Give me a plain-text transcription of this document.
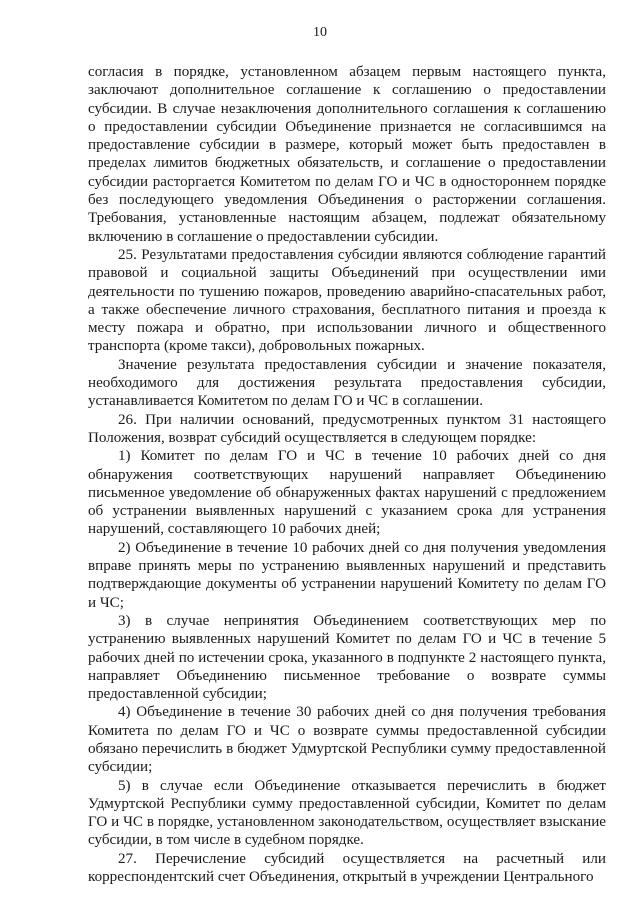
10

согласия в порядке, установленном абзацем первым настоящего пункта, заключают дополнительное соглашение к соглашению о предоставлении субсидии. В случае незаключения дополнительного соглашения к соглашению о предоставлении субсидии Объединение признается не согласившимся на предоставление субсидии в размере, который может быть предоставлен в пределах лимитов бюджетных обязательств, и соглашение о предоставлении субсидии расторгается Комитетом по делам ГО и ЧС в одностороннем порядке без последующего уведомления Объединения о расторжении соглашения. Требования, установленные настоящим абзацем, подлежат обязательному включению в соглашение о предоставлении субсидии.

25. Результатами предоставления субсидии являются соблюдение гарантий правовой и социальной защиты Объединений при осуществлении ими деятельности по тушению пожаров, проведению аварийно-спасательных работ, а также обеспечение личного страхования, бесплатного питания и проезда к месту пожара и обратно, при использовании личного и общественного транспорта (кроме такси), добровольных пожарных.

Значение результата предоставления субсидии и значение показателя, необходимого для достижения результата предоставления субсидии, устанавливается Комитетом по делам ГО и ЧС в соглашении.

26. При наличии оснований, предусмотренных пунктом 31 настоящего Положения, возврат субсидий осуществляется в следующем порядке:

1) Комитет по делам ГО и ЧС в течение 10 рабочих дней со дня обнаружения соответствующих нарушений направляет Объединению письменное уведомление об обнаруженных фактах нарушений с предложением об устранении выявленных нарушений с указанием срока для устранения нарушений, составляющего 10 рабочих дней;

2) Объединение в течение 10 рабочих дней со дня получения уведомления вправе принять меры по устранению выявленных нарушений и представить подтверждающие документы об устранении нарушений Комитету по делам ГО и ЧС;

3) в случае непринятия Объединением соответствующих мер по устранению выявленных нарушений Комитет по делам ГО и ЧС в течение 5 рабочих дней по истечении срока, указанного в подпункте 2 настоящего пункта, направляет Объединению письменное требование о возврате суммы предоставленной субсидии;

4) Объединение в течение 30 рабочих дней со дня получения требования Комитета по делам ГО и ЧС о возврате суммы предоставленной субсидии обязано перечислить в бюджет Удмуртской Республики сумму предоставленной субсидии;

5) в случае если Объединение отказывается перечислить в бюджет Удмуртской Республики сумму предоставленной субсидии, Комитет по делам ГО и ЧС в порядке, установленном законодательством, осуществляет взыскание субсидии, в том числе в судебном порядке.

27. Перечисление субсидий осуществляется на расчетный или корреспондентский счет Объединения, открытый в учреждении Центрального
